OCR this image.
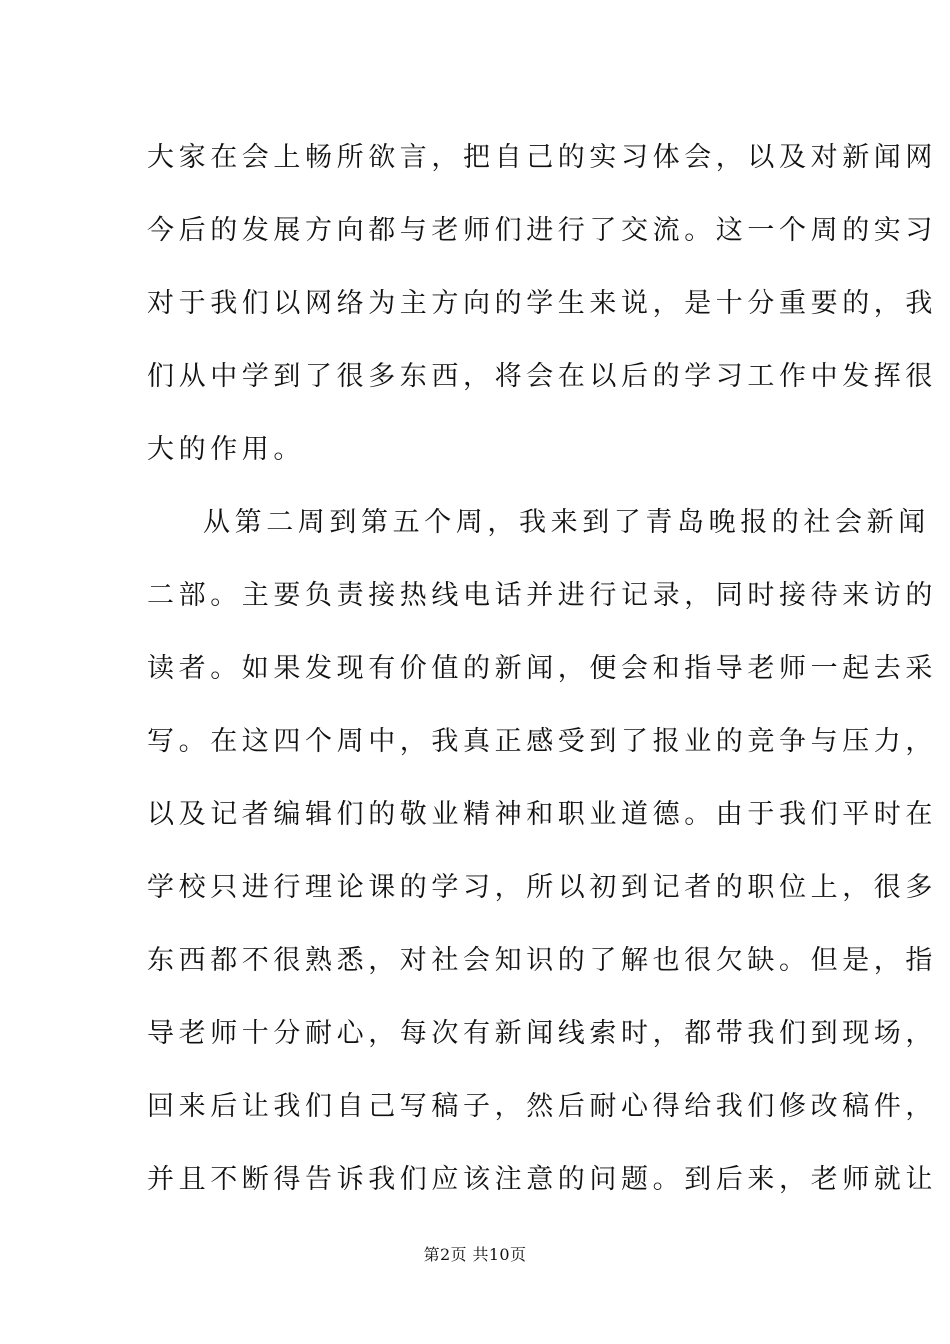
大家在会上畅所欲言，把自己的实习体会，以及对新闻网
今后的发展方向都与老师们进行了交流。这一个周的实习
对于我们以网络为主方向的学生来说，是十分重要的，我
们从中学到了很多东西，将会在以后的学习工作中发挥很
大的作用。
从第二周到第五个周，我来到了青岛晚报的社会新闻
二部。主要负责接热线电话并进行记录，同时接待来访的
读者。如果发现有价值的新闻，便会和指导老师一起去采
写。在这四个周中，我真正感受到了报业的竞争与压力，
以及记者编辑们的敬业精神和职业道德。由于我们平时在
学校只进行理论课的学习，所以初到记者的职位上，很多
东西都不很熟悉，对社会知识的了解也很欠缺。但是，指
导老师十分耐心，每次有新闻线索时，都带我们到现场，
回来后让我们自己写稿子，然后耐心得给我们修改稿件，
并且不断得告诉我们应该注意的问题。到后来，老师就让
第2页 共10页
